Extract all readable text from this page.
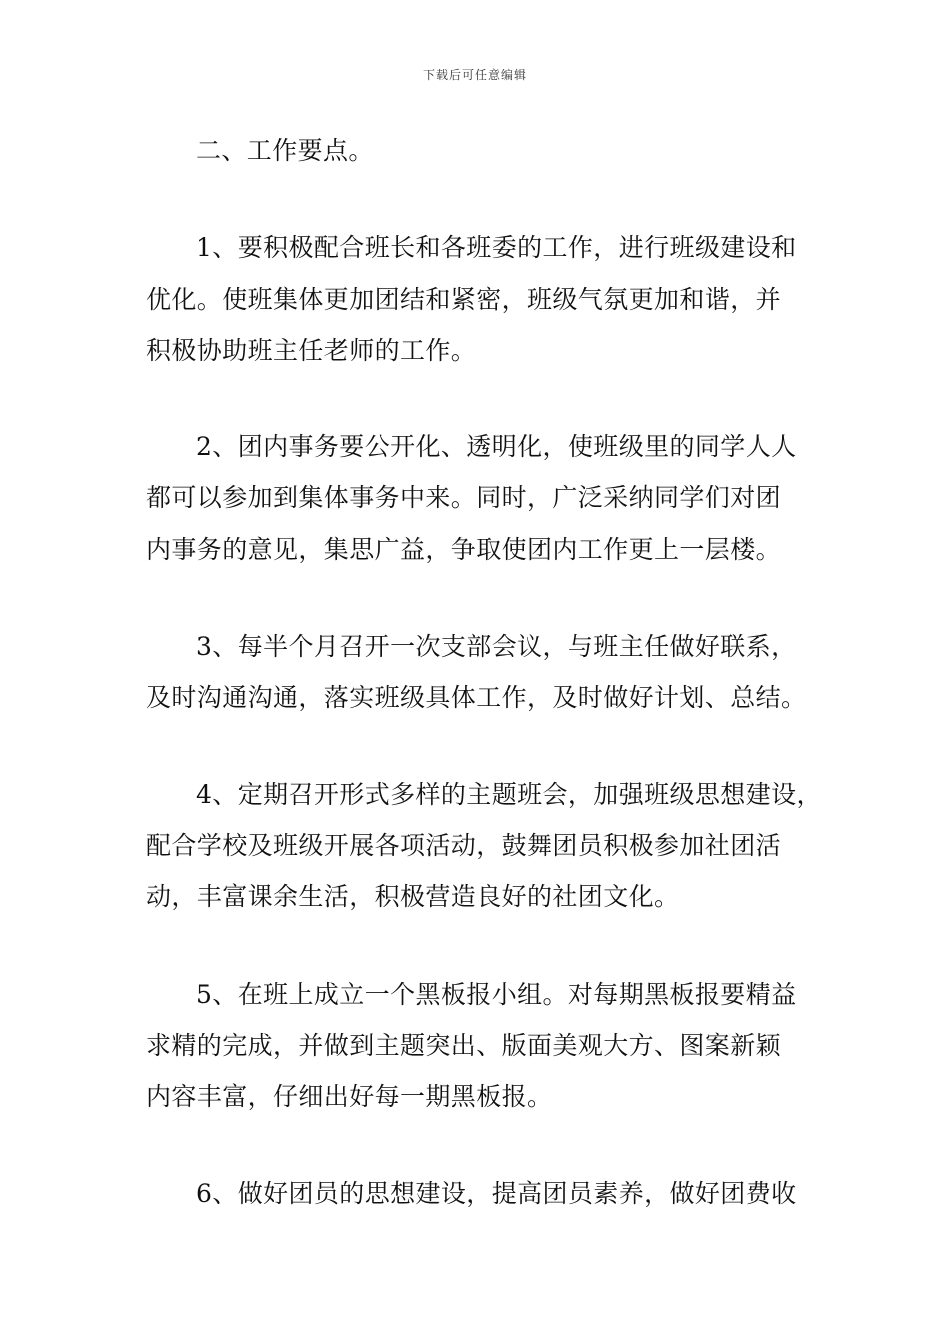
下载后可任意编辑
二、工作要点。
1、要积极配合班长和各班委的工作，进行班级建设和
优化。使班集体更加团结和紧密，班级气氛更加和谐，并
积极协助班主任老师的工作。
2、团内事务要公开化、透明化，使班级里的同学人人
都可以参加到集体事务中来。同时，广泛采纳同学们对团
内事务的意见，集思广益，争取使团内工作更上一层楼。
3、每半个月召开一次支部会议，与班主任做好联系，
及时沟通沟通，落实班级具体工作，及时做好计划、总结。
4、定期召开形式多样的主题班会，加强班级思想建设，
配合学校及班级开展各项活动，鼓舞团员积极参加社团活
动，丰富课余生活，积极营造良好的社团文化。
5、在班上成立一个黑板报小组。对每期黑板报要精益
求精的完成，并做到主题突出、版面美观大方、图案新颖
内容丰富，仔细出好每一期黑板报。
6、做好团员的思想建设，提高团员素养，做好团费收
